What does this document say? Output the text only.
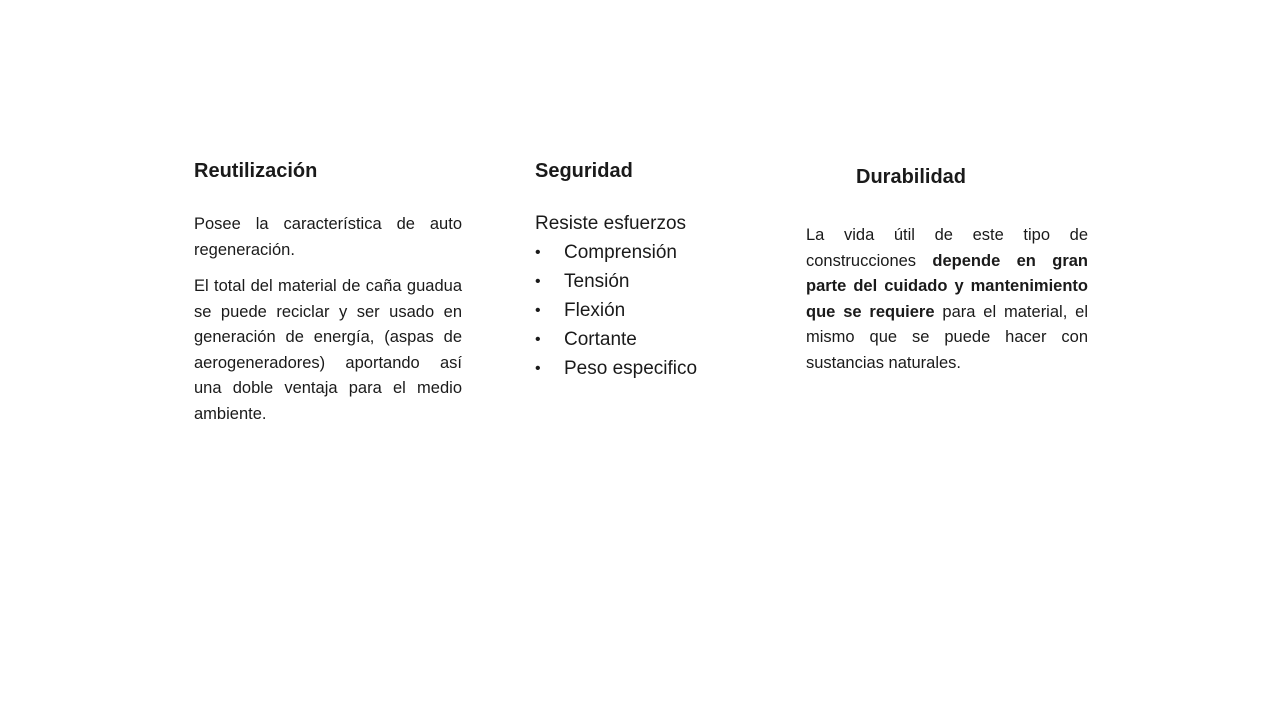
Reutilización

Posee la característica de auto regeneración.

El total del material de caña guadua se puede reciclar y ser usado en generación de energía, (aspas de aerogeneradores) aportando así una doble ventaja para el medio ambiente.

Seguridad
Resiste esfuerzos
• Comprensión
• Tensión
• Flexión
• Cortante
• Peso especifico
Durabilidad

La vida útil de este tipo de construcciones depende en gran parte del cuidado y mantenimiento que se requiere para el material, el mismo que se puede hacer con sustancias naturales.
